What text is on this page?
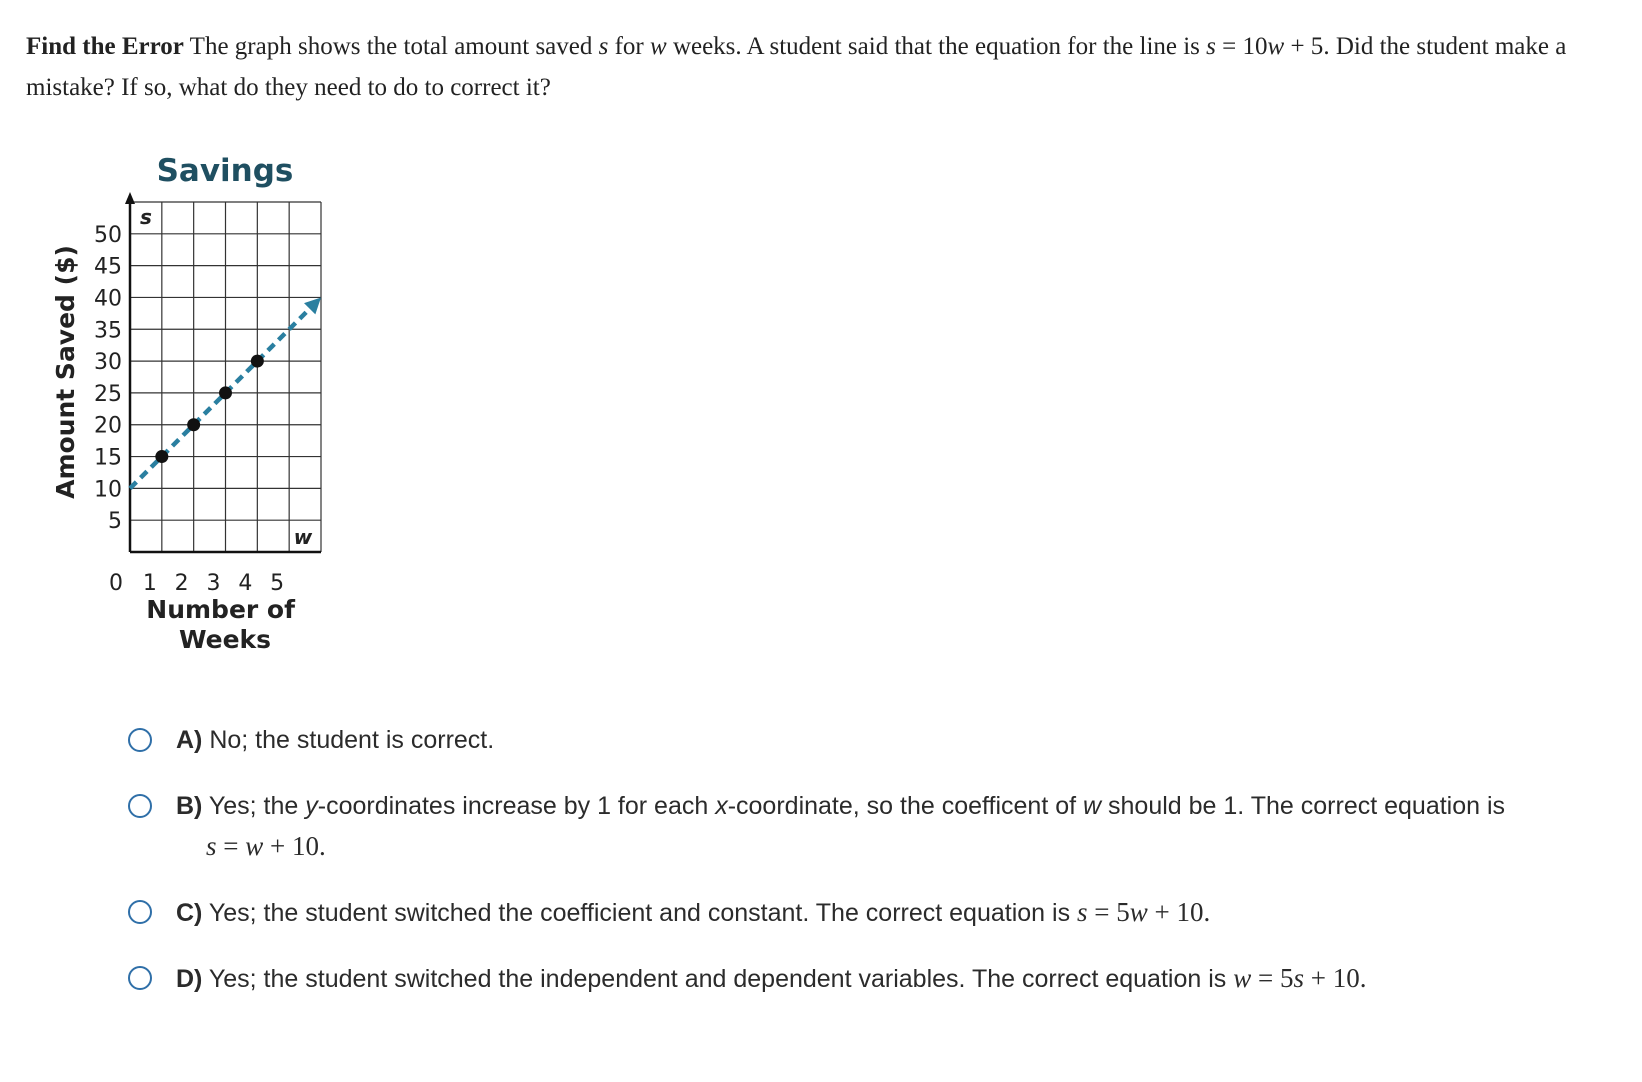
Find the Error The graph shows the total amount saved s for w weeks. A student said that the equation for the line is s = 10w + 5. Did the student make a mistake? If so, what do they need to do to correct it?
Savings
5
10
15
20
25
30
35
40
45
50
0 1 2 3 4 5
s
w
Number of Weeks
Amount Saved ($)
A) No; the student is correct.
B) Yes; the y-coordinates increase by 1 for each x-coordinate, so the coefficent of w should be 1. The correct equation is
s = w + 10.
C) Yes; the student switched the coefficient and constant. The correct equation is s = 5w + 10.
D) Yes; the student switched the independent and dependent variables. The correct equation is w = 5s + 10.
